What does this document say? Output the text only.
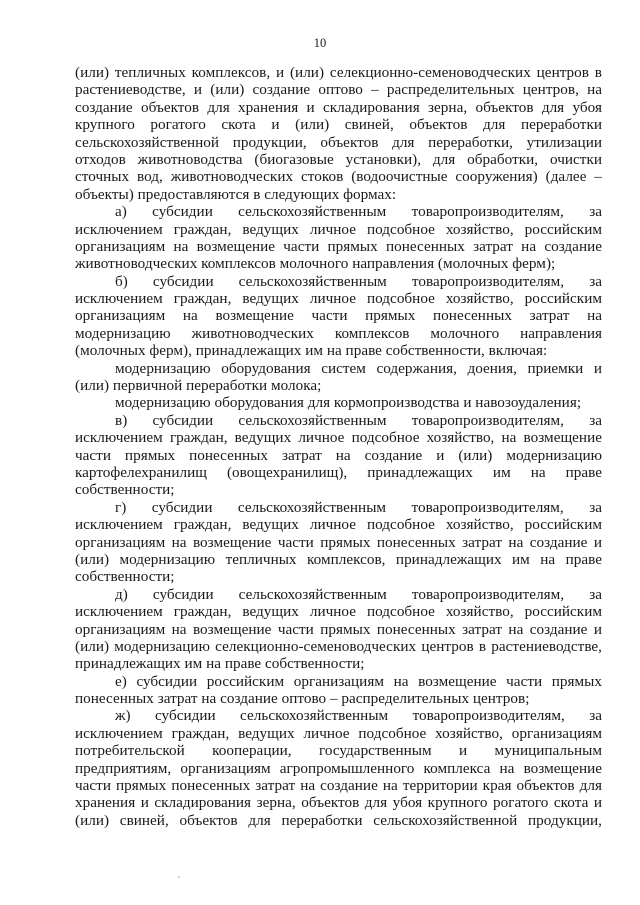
10
(или) тепличных комплексов, и (или) селекционно-семеноводческих центров в
растениеводстве, и (или) создание оптово – распределительных центров, на
создание объектов для хранения и складирования зерна, объектов для убоя
крупного рогатого скота и (или) свиней, объектов для переработки
сельскохозяйственной продукции, объектов для переработки, утилизации
отходов животноводства (биогазовые установки), для обработки, очистки
сточных вод, животноводческих стоков (водоочистные сооружения) (далее –
объекты) предоставляются в следующих формах:
а) субсидии сельскохозяйственным товаропроизводителям, за
исключением граждан, ведущих личное подсобное хозяйство, российским
организациям на возмещение части прямых понесенных затрат на создание
животноводческих комплексов молочного направления (молочных ферм);
б) субсидии сельскохозяйственным товаропроизводителям, за
исключением граждан, ведущих личное подсобное хозяйство, российским
организациям на возмещение части прямых понесенных затрат на
модернизацию животноводческих комплексов молочного направления
(молочных ферм), принадлежащих им на праве собственности, включая:
модернизацию оборудования систем содержания, доения, приемки и
(или) первичной переработки молока;
модернизацию оборудования для кормопроизводства и навозоудаления;
в) субсидии сельскохозяйственным товаропроизводителям, за
исключением граждан, ведущих личное подсобное хозяйство, на возмещение
части прямых понесенных затрат на создание и (или) модернизацию
картофелехранилищ (овощехранилищ), принадлежащих им на праве
собственности;
г) субсидии сельскохозяйственным товаропроизводителям, за
исключением граждан, ведущих личное подсобное хозяйство, российским
организациям на возмещение части прямых понесенных затрат на создание и
(или) модернизацию тепличных комплексов, принадлежащих им на праве
собственности;
д) субсидии сельскохозяйственным товаропроизводителям, за
исключением граждан, ведущих личное подсобное хозяйство, российским
организациям на возмещение части прямых понесенных затрат на создание и
(или) модернизацию селекционно-семеноводческих центров в растениеводстве,
принадлежащих им на праве собственности;
е) субсидии российским организациям на возмещение части прямых
понесенных затрат на создание оптово – распределительных центров;
ж) субсидии сельскохозяйственным товаропроизводителям, за
исключением граждан, ведущих личное подсобное хозяйство, организациям
потребительской кооперации, государственным и муниципальным
предприятиям, организациям агропромышленного комплекса на возмещение
части прямых понесенных затрат на создание на территории края объектов для
хранения и складирования зерна, объектов для убоя крупного рогатого скота и
(или) свиней, объектов для переработки сельскохозяйственной продукции,
